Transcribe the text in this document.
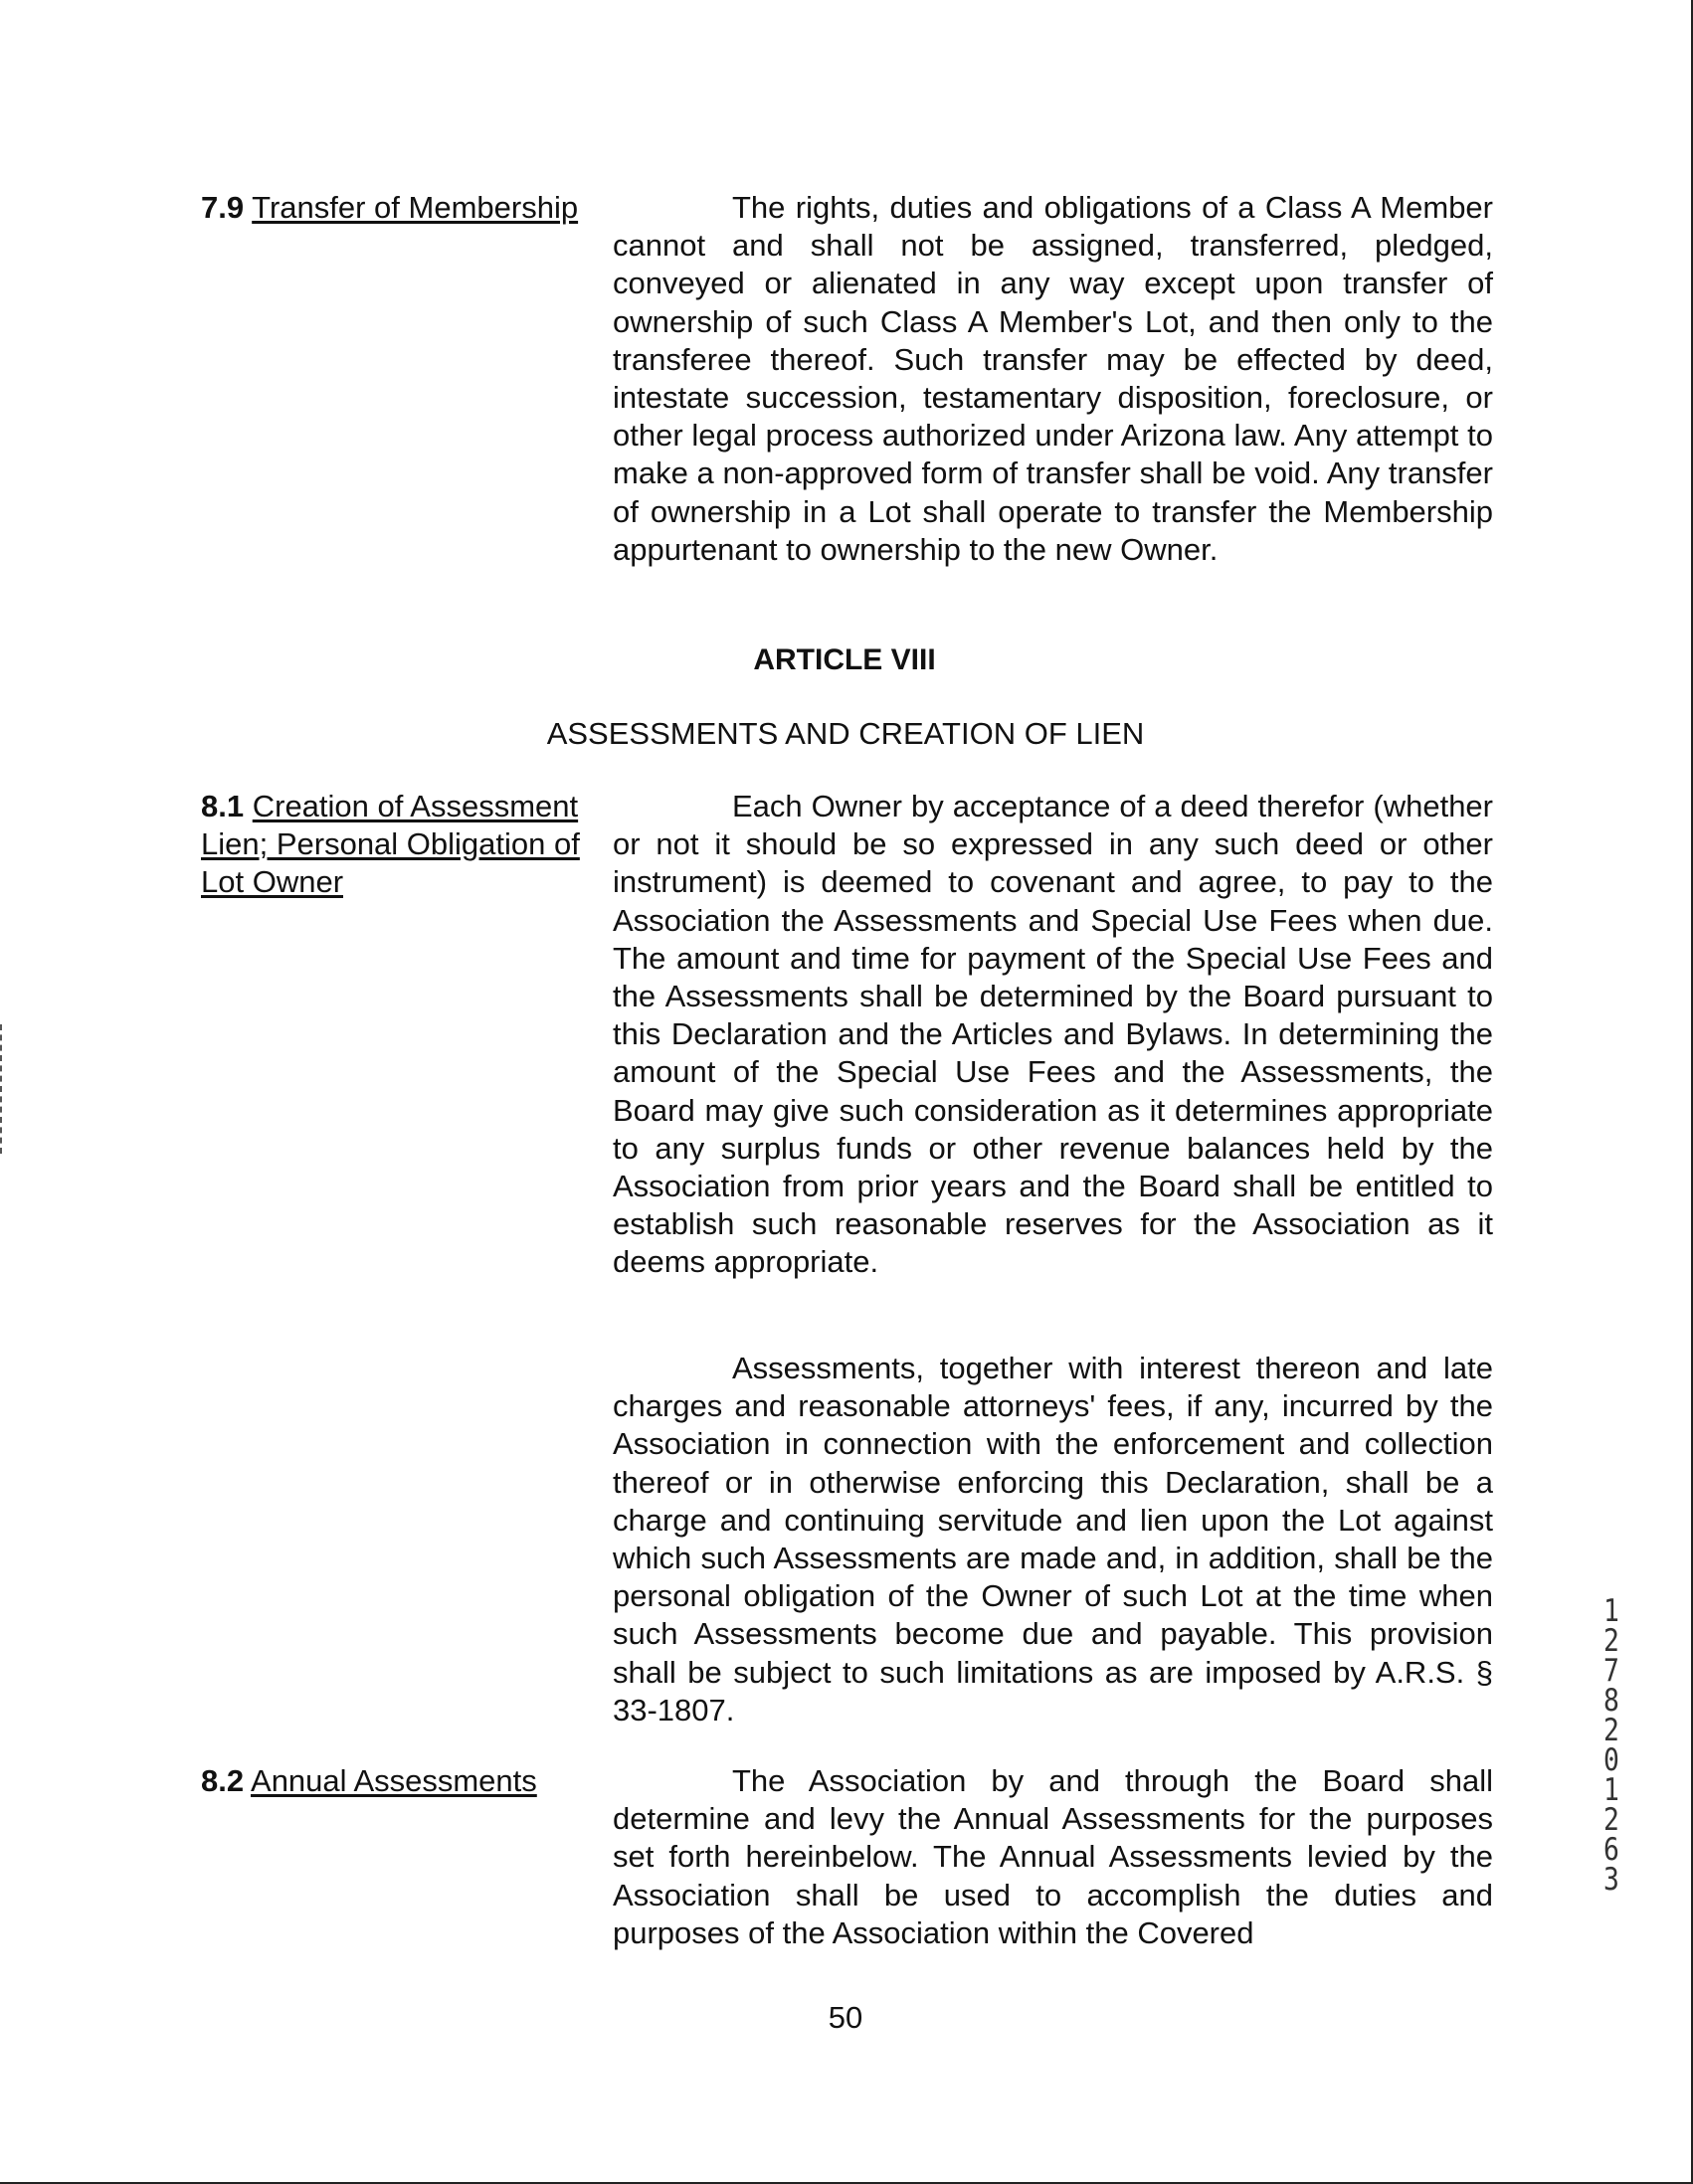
7.9 Transfer of Membership	The rights, duties and obligations of a Class A Member cannot and shall not be assigned, transferred, pledged, conveyed or alienated in any way except upon transfer of ownership of such Class A Member's Lot, and then only to the transferee thereof. Such transfer may be effected by deed, intestate succession, testamentary disposition, foreclosure, or other legal process authorized under Arizona law. Any attempt to make a non-approved form of transfer shall be void. Any transfer of ownership in a Lot shall operate to transfer the Membership appurtenant to ownership to the new Owner.

ARTICLE VIII
ASSESSMENTS AND CREATION OF LIEN
8.1 Creation of Assessment Lien; Personal Obligation of Lot Owner

Each Owner by acceptance of a deed therefor (whether or not it should be so expressed in any such deed or other instrument) is deemed to covenant and agree, to pay to the Association the Assessments and Special Use Fees when due. The amount and time for payment of the Special Use Fees and the Assessments shall be determined by the Board pursuant to this Declaration and the Articles and Bylaws. In determining the amount of the Special Use Fees and the Assessments, the Board may give such consideration as it determines appropriate to any surplus funds or other revenue balances held by the Association from prior years and the Board shall be entitled to establish such reasonable reserves for the Association as it deems appropriate.

Assessments, together with interest thereon and late charges and reasonable attorneys' fees, if any, incurred by the Association in connection with the enforcement and collection thereof or in otherwise enforcing this Declaration, shall be a charge and continuing servitude and lien upon the Lot against which such Assessments are made and, in addition, shall be the personal obligation of the Owner of such Lot at the time when such Assessments become due and payable. This provision shall be subject to such limitations as are imposed by A.R.S. § 33-1807.

8.2 Annual Assessments	The Association by and through the Board shall determine and levy the Annual Assessments for the purposes set forth hereinbelow. The Annual Assessments levied by the Association shall be used to accomplish the duties and purposes of the Association within the Covered

50
12782 01263
